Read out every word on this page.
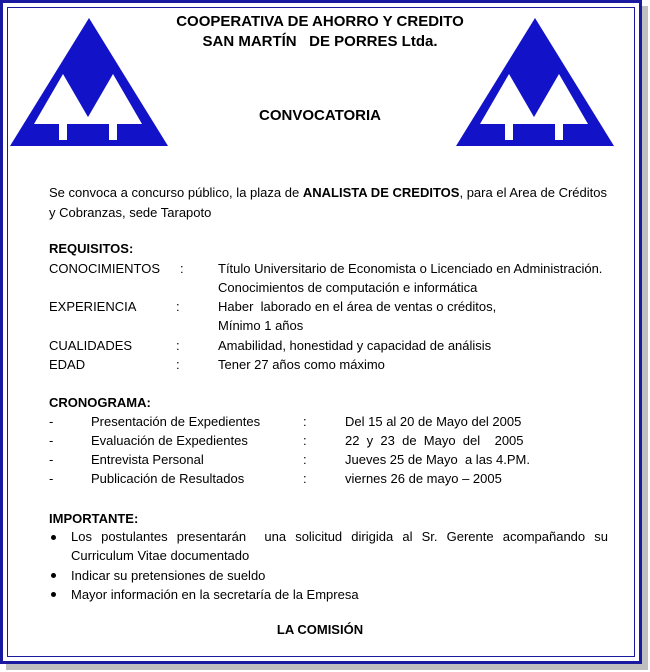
COOPERATIVA DE AHORRO Y CREDITO
SAN MARTÍN   DE PORRES Ltda.
CONVOCATORIA
Se convoca a concurso público, la plaza de ANALISTA DE CREDITOS, para el Area de Créditos y Cobranzas, sede Tarapoto
REQUISITOS:
CONOCIMIENTOS :	Título Universitario de Economista o Licenciado en Administración.
Conocimientos de computación e informática
EXPERIENCIA	:	Haber  laborado en el área de ventas o créditos,
Mínimo 1 años
CUALIDADES	:	Amabilidad, honestidad y capacidad de análisis
EDAD	:	Tener 27 años como máximo
CRONOGRAMA:
-	Presentación de Expedientes	:	Del 15 al 20 de Mayo del 2005
-	Evaluación de Expedientes	:	22  y  23  de  Mayo  del    2005
-	Entrevista Personal	:	Jueves 25 de Mayo  a las 4.PM.
-	Publicación de Resultados	:	viernes 26 de mayo – 2005
IMPORTANTE:
Los postulantes presentarán  una solicitud dirigida al Sr. Gerente acompañando su Curriculum Vitae documentado
Indicar su pretensiones de sueldo
Mayor información en la secretaría de la Empresa
LA COMISIÓN
